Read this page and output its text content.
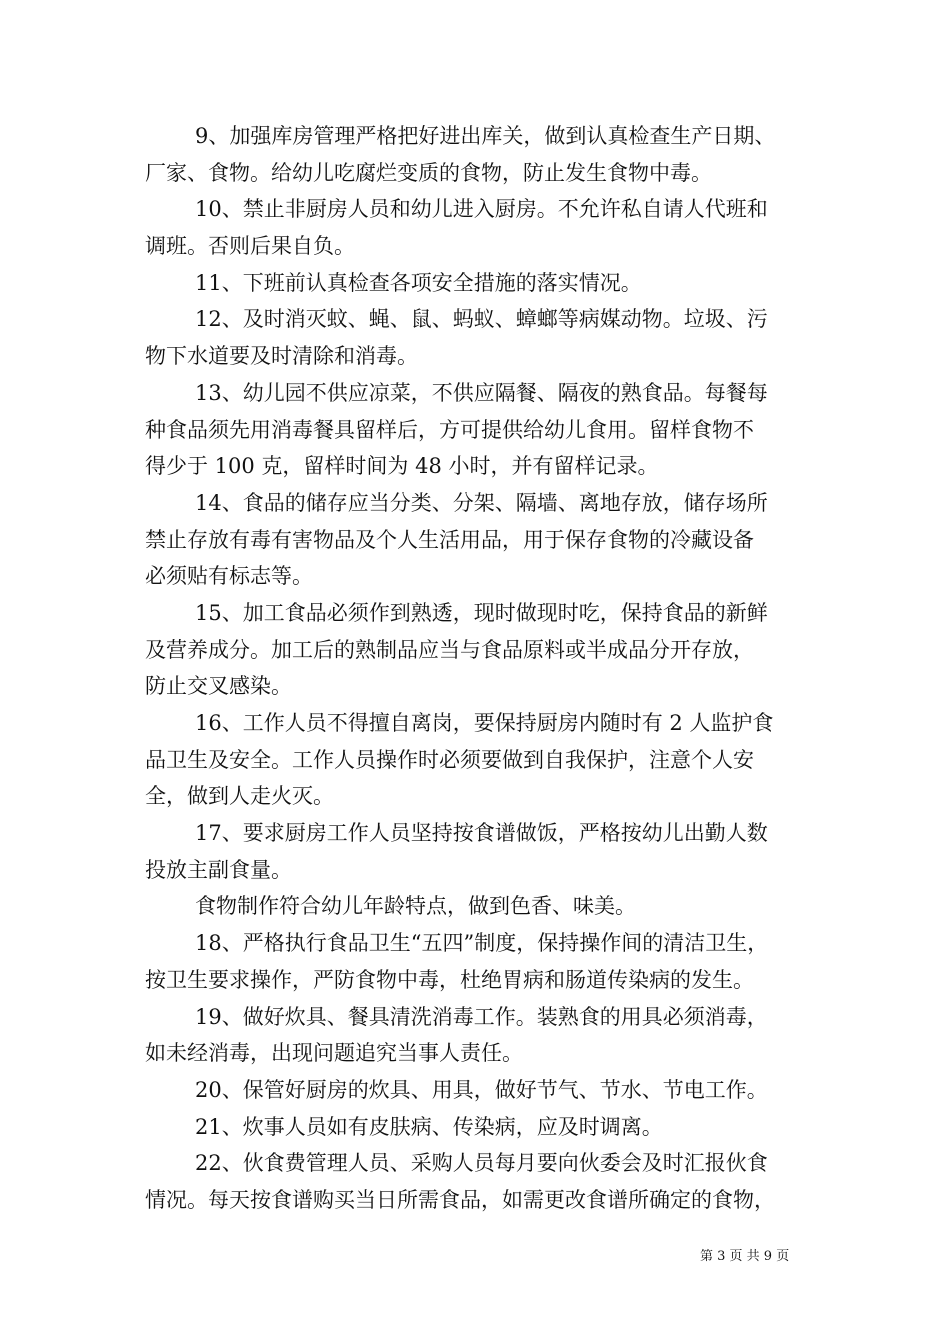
9、加强库房管理严格把好进出库关，做到认真检查生产日期、
厂家、食物。给幼儿吃腐烂变质的食物，防止发生食物中毒。
10、禁止非厨房人员和幼儿进入厨房。不允许私自请人代班和
调班。否则后果自负。
11、下班前认真检查各项安全措施的落实情况。
12、及时消灭蚊、蝇、鼠、蚂蚁、蟑螂等病媒动物。垃圾、污
物下水道要及时清除和消毒。
13、幼儿园不供应凉菜，不供应隔餐、隔夜的熟食品。每餐每
种食品须先用消毒餐具留样后，方可提供给幼儿食用。留样食物不
得少于 100 克，留样时间为 48 小时，并有留样记录。
14、食品的储存应当分类、分架、隔墙、离地存放，储存场所
禁止存放有毒有害物品及个人生活用品，用于保存食物的冷藏设备
必须贴有标志等。
15、加工食品必须作到熟透，现时做现时吃，保持食品的新鲜
及营养成分。加工后的熟制品应当与食品原料或半成品分开存放，
防止交叉感染。
16、工作人员不得擅自离岗，要保持厨房内随时有 2 人监护食
品卫生及安全。工作人员操作时必须要做到自我保护，注意个人安
全，做到人走火灭。
17、要求厨房工作人员坚持按食谱做饭，严格按幼儿出勤人数
投放主副食量。
食物制作符合幼儿年龄特点，做到色香、味美。
18、严格执行食品卫生“五四”制度，保持操作间的清洁卫生，
按卫生要求操作，严防食物中毒，杜绝胃病和肠道传染病的发生。
19、做好炊具、餐具清洗消毒工作。装熟食的用具必须消毒，
如未经消毒，出现问题追究当事人责任。
20、保管好厨房的炊具、用具，做好节气、节水、节电工作。
21、炊事人员如有皮肤病、传染病，应及时调离。
22、伙食费管理人员、采购人员每月要向伙委会及时汇报伙食
情况。每天按食谱购买当日所需食品，如需更改食谱所确定的食物，
第 3 页 共 9 页
